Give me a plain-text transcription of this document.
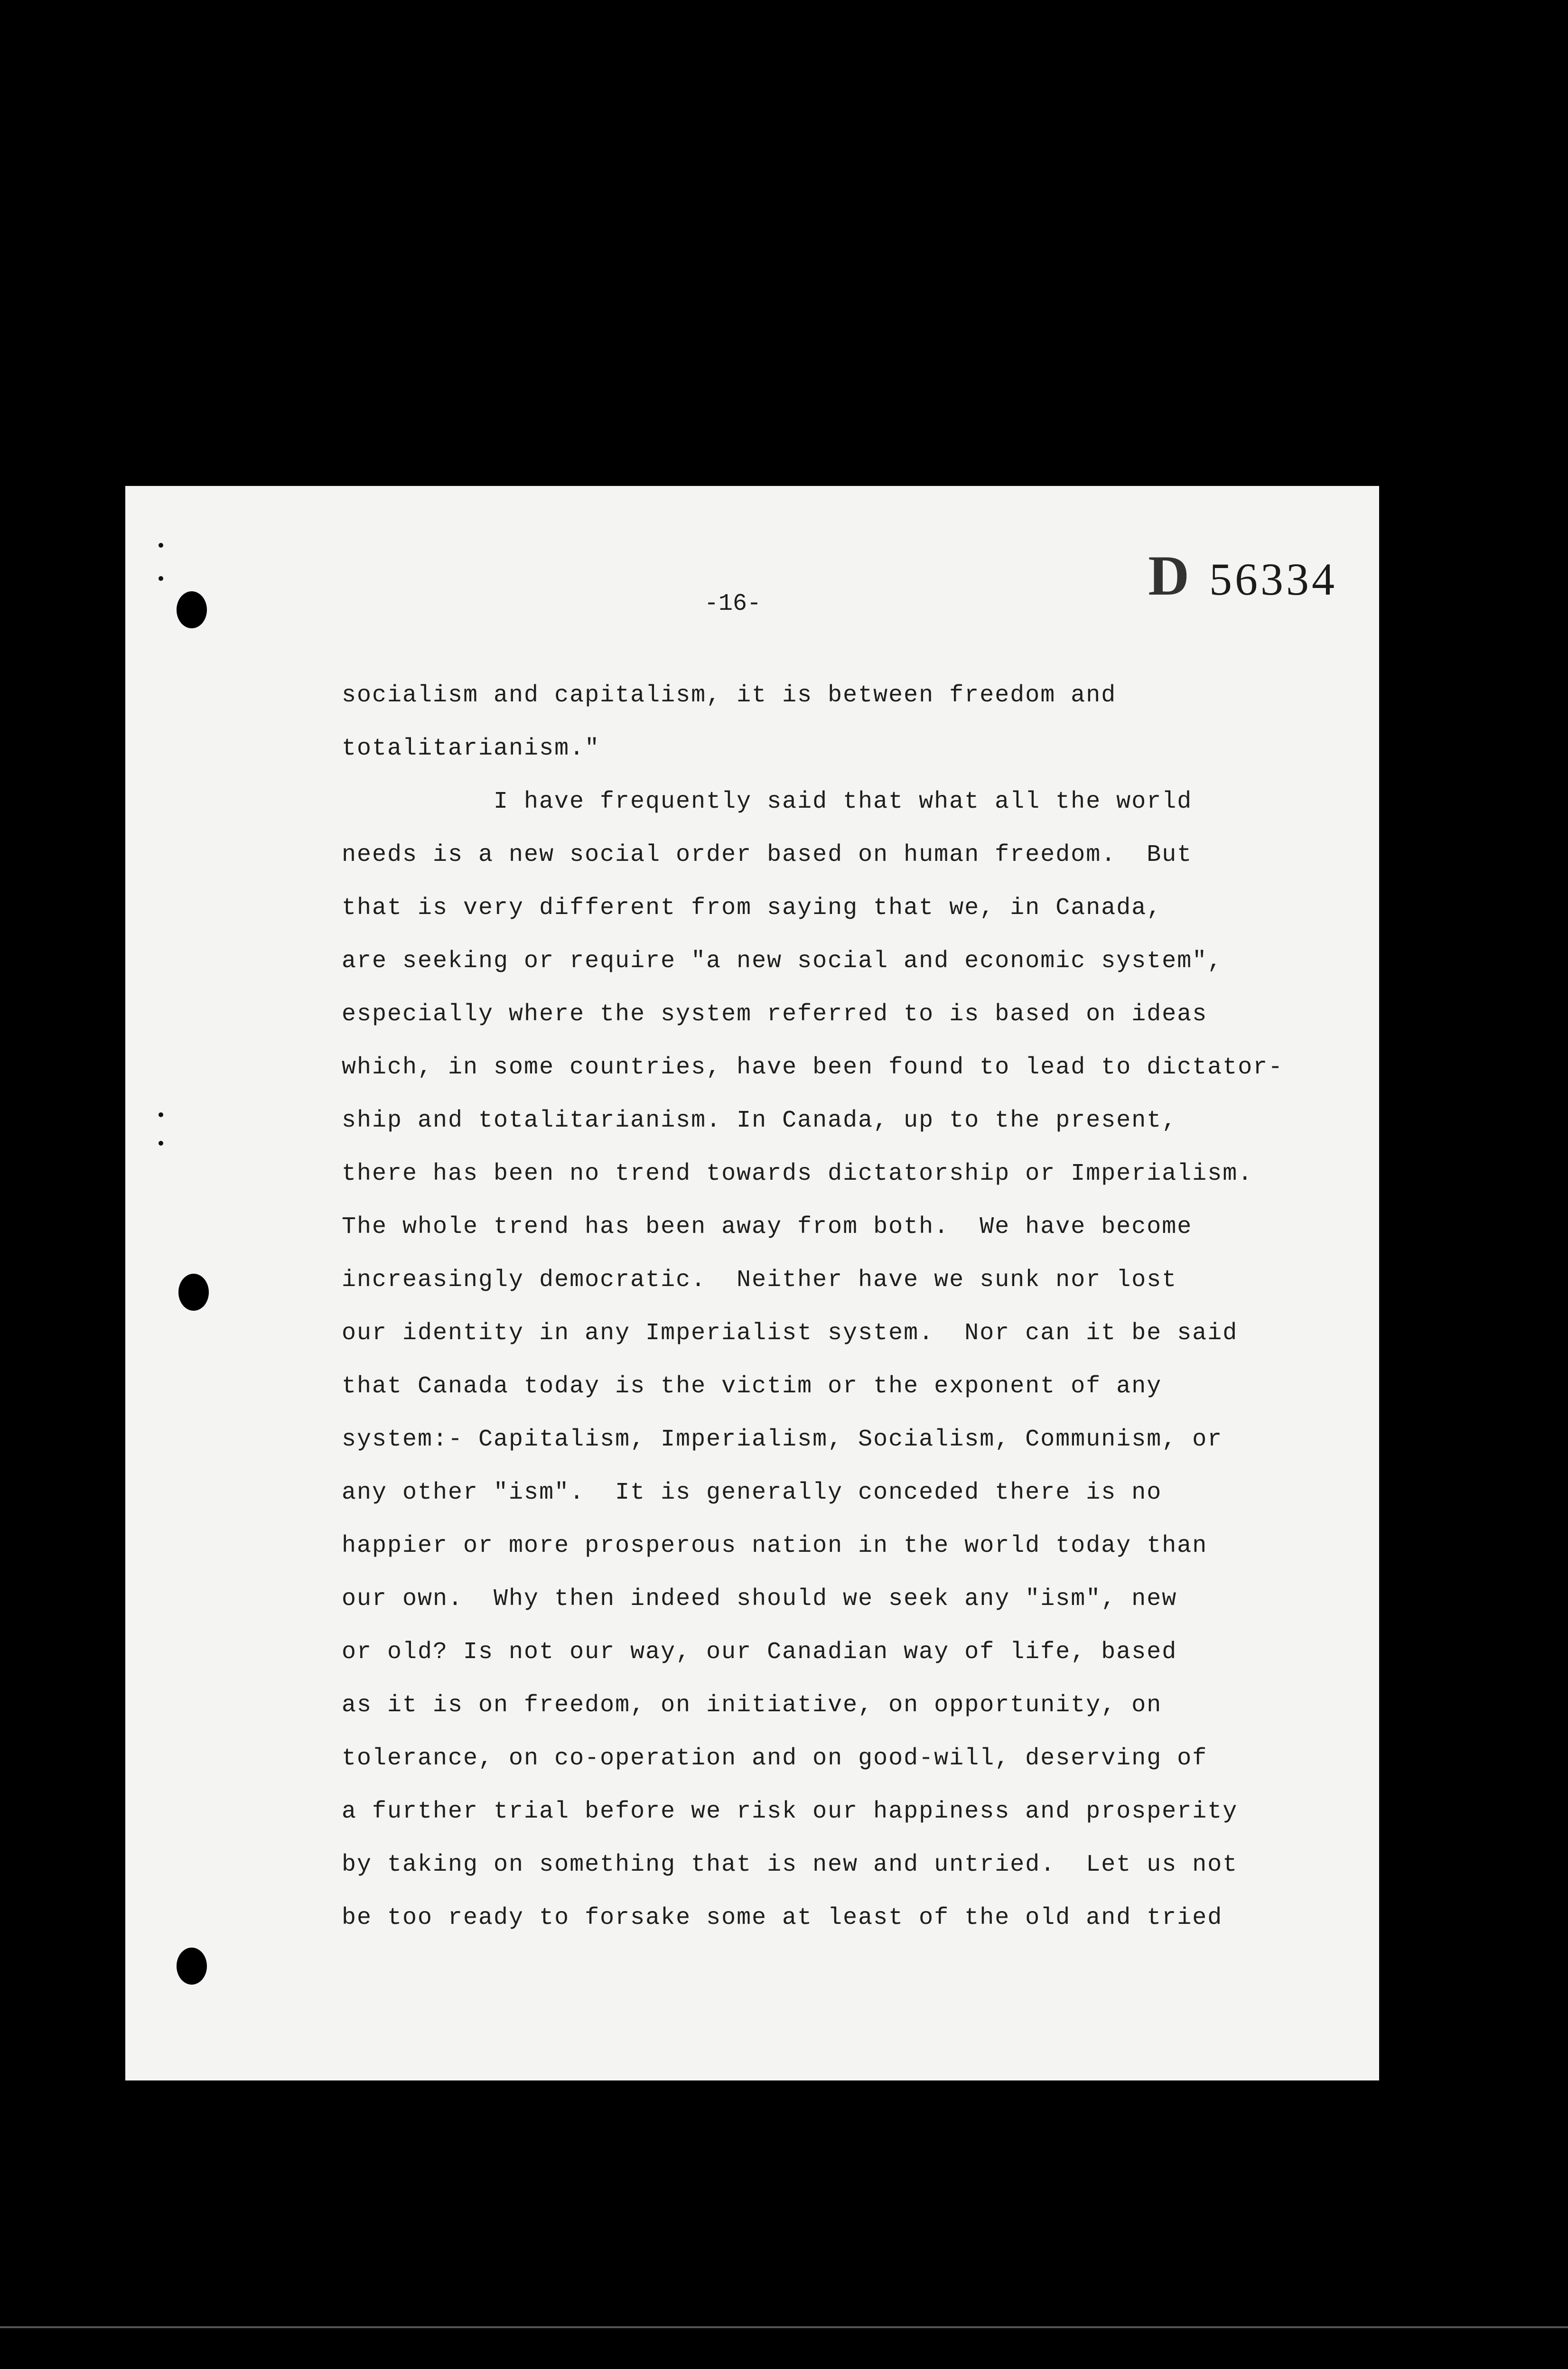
D 56334
-16-
socialism and capitalism, it is between freedom and
totalitarianism."
I have frequently said that what all the world
needs is a new social order based on human freedom.  But
that is very different from saying that we, in Canada,
are seeking or require "a new social and economic system",
especially where the system referred to is based on ideas
which, in some countries, have been found to lead to dictator-
ship and totalitarianism. In Canada, up to the present,
there has been no trend towards dictatorship or Imperialism.
The whole trend has been away from both.  We have become
increasingly democratic.  Neither have we sunk nor lost
our identity in any Imperialist system.  Nor can it be said
that Canada today is the victim or the exponent of any
system:- Capitalism, Imperialism, Socialism, Communism, or
any other "ism".  It is generally conceded there is no
happier or more prosperous nation in the world today than
our own.  Why then indeed should we seek any "ism", new
or old? Is not our way, our Canadian way of life, based
as it is on freedom, on initiative, on opportunity, on
tolerance, on co-operation and on good-will, deserving of
a further trial before we risk our happiness and prosperity
by taking on something that is new and untried.  Let us not
be too ready to forsake some at least of the old and tried
